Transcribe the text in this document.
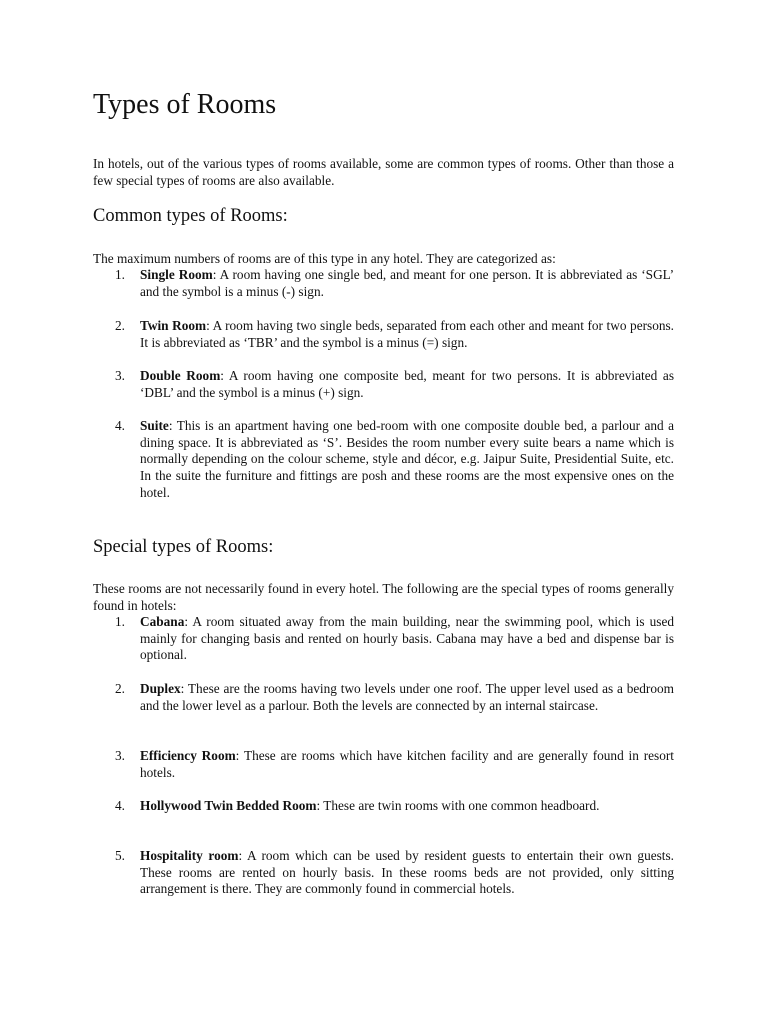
Types of Rooms

In hotels, out of the various types of rooms available, some are common types of rooms. Other than those a few special types of rooms are also available.

Common types of Rooms:

The maximum numbers of rooms are of this type in any hotel. They are categorized as:

1. Single Room: A room having one single bed, and meant for one person. It is abbreviated as ‘SGL’ and the symbol is a minus (-) sign.
2. Twin Room: A room having two single beds, separated from each other and meant for two persons. It is abbreviated as ‘TBR’ and the symbol is a minus (=) sign.
3. Double Room: A room having one composite bed, meant for two persons. It is abbreviated as ‘DBL’ and the symbol is a minus (+) sign.
4. Suite: This is an apartment having one bed-room with one composite double bed, a parlour and a dining space. It is abbreviated as ‘S’. Besides the room number every suite bears a name which is normally depending on the colour scheme, style and décor, e.g. Jaipur Suite, Presidential Suite, etc. In the suite the furniture and fittings are posh and these rooms are the most expensive ones on the hotel.
Special types of Rooms:

These rooms are not necessarily found in every hotel. The following are the special types of rooms generally found in hotels:

1. Cabana: A room situated away from the main building, near the swimming pool, which is used mainly for changing basis and rented on hourly basis. Cabana may have a bed and dispense bar is optional.
2. Duplex: These are the rooms having two levels under one roof. The upper level used as a bedroom and the lower level as a parlour. Both the levels are connected by an internal staircase.
3. Efficiency Room: These are rooms which have kitchen facility and are generally found in resort hotels.
4. Hollywood Twin Bedded Room: These are twin rooms with one common headboard.
5. Hospitality room: A room which can be used by resident guests to entertain their own guests. These rooms are rented on hourly basis. In these rooms beds are not provided, only sitting arrangement is there. They are commonly found in commercial hotels.
